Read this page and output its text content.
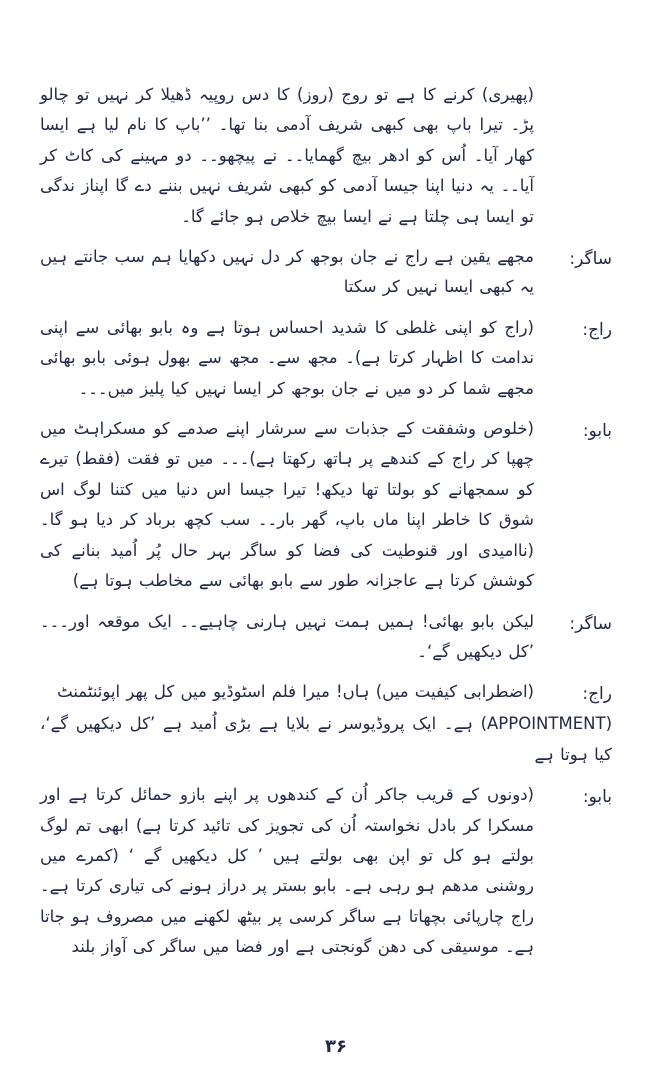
(پھیری) کرنے کا ہے تو روج (روز) کا دس روپیہ ڈھیلا کر نہیں تو چالو پڑ۔ تیرا باپ بھی کبھی شریف آدمی بنا تھا۔ ’’باپ کا نام لیا ہے ایسا کھار آیا۔ اُس کو ادھر بیچ گھمایا۔۔ نے پیچھو۔۔ دو مہینے کی کاٹ کر آیا۔۔ یہ دنیا اپنا جیسا آدمی کو کبھی شریف نہیں بننے دے گا اپناز ندگی تو ایسا ہی چلتا ہے نے ایسا بیچ خلاص ہو جائے گا۔
ساگر:
مجھے یقین ہے راج نے جان بوجھ کر دل نہیں دکھایا ہم سب جانتے ہیں یہ کبھی ایسا نہیں کر سکتا
راج:
(راج کو اپنی غلطی کا شدید احساس ہوتا ہے وہ بابو بھائی سے اپنی ندامت کا اظہار کرتا ہے)۔ مجھ سے۔ مجھ سے بھول ہوئی بابو بھائی مجھے شما کر دو میں نے جان بوجھ کر ایسا نہیں کیا پلیز میں۔۔۔
بابو:
(خلوص وشفقت کے جذبات سے سرشار اپنے صدمے کو مسکراہٹ میں چھپا کر راج کے کندھے پر ہاتھ رکھتا ہے)۔۔۔ میں تو فقت (فقط) تیرے کو سمجھانے کو بولتا تھا دیکھ! تیرا جیسا اس دنیا میں کتنا لوگ اس شوق کا خاطر اپنا ماں باپ، گھر بار۔۔ سب کچھ برباد کر دیا ہو گا۔ (ناامیدی اور قنوطیت کی فضا کو ساگر بہر حال پُر اُمید بنانے کی کوشش کرتا ہے عاجزانہ طور سے بابو بھائی سے مخاطب ہوتا ہے)
ساگر:
لیکن بابو بھائی! ہمیں ہمت نہیں ہارنی چاہیے۔۔ ایک موقعہ اور۔۔۔ ’کل دیکھیں گے‘۔
راج:
(اضطرابی کیفیت میں) ہاں! میرا فلم اسٹوڈیو میں کل پھر اپوئنٹمنٹ
(APPOINTMENT) ہے۔ ایک پروڈیوسر نے بلایا ہے بڑی اُمید ہے ’کل دیکھیں گے‘، کیا ہوتا ہے
بابو:
(دونوں کے قریب جاکر اُن کے کندھوں پر اپنے بازو حمائل کرتا ہے اور مسکرا کر بادل نخواستہ اُن کی تجویز کی تائید کرتا ہے) ابھی تم لوگ بولتے ہو کل تو اپن بھی بولتے ہیں ’ کل دیکھیں گے ‘ (کمرے میں روشنی مدھم ہو رہی ہے۔ بابو بستر پر دراز ہونے کی تیاری کرتا ہے۔ راج چارپائی بچھاتا ہے ساگر کرسی پر بیٹھ لکھنے میں مصروف ہو جاتا ہے۔ موسیقی کی دھن گونجتی ہے اور فضا میں ساگر کی آواز بلند
۳۶
